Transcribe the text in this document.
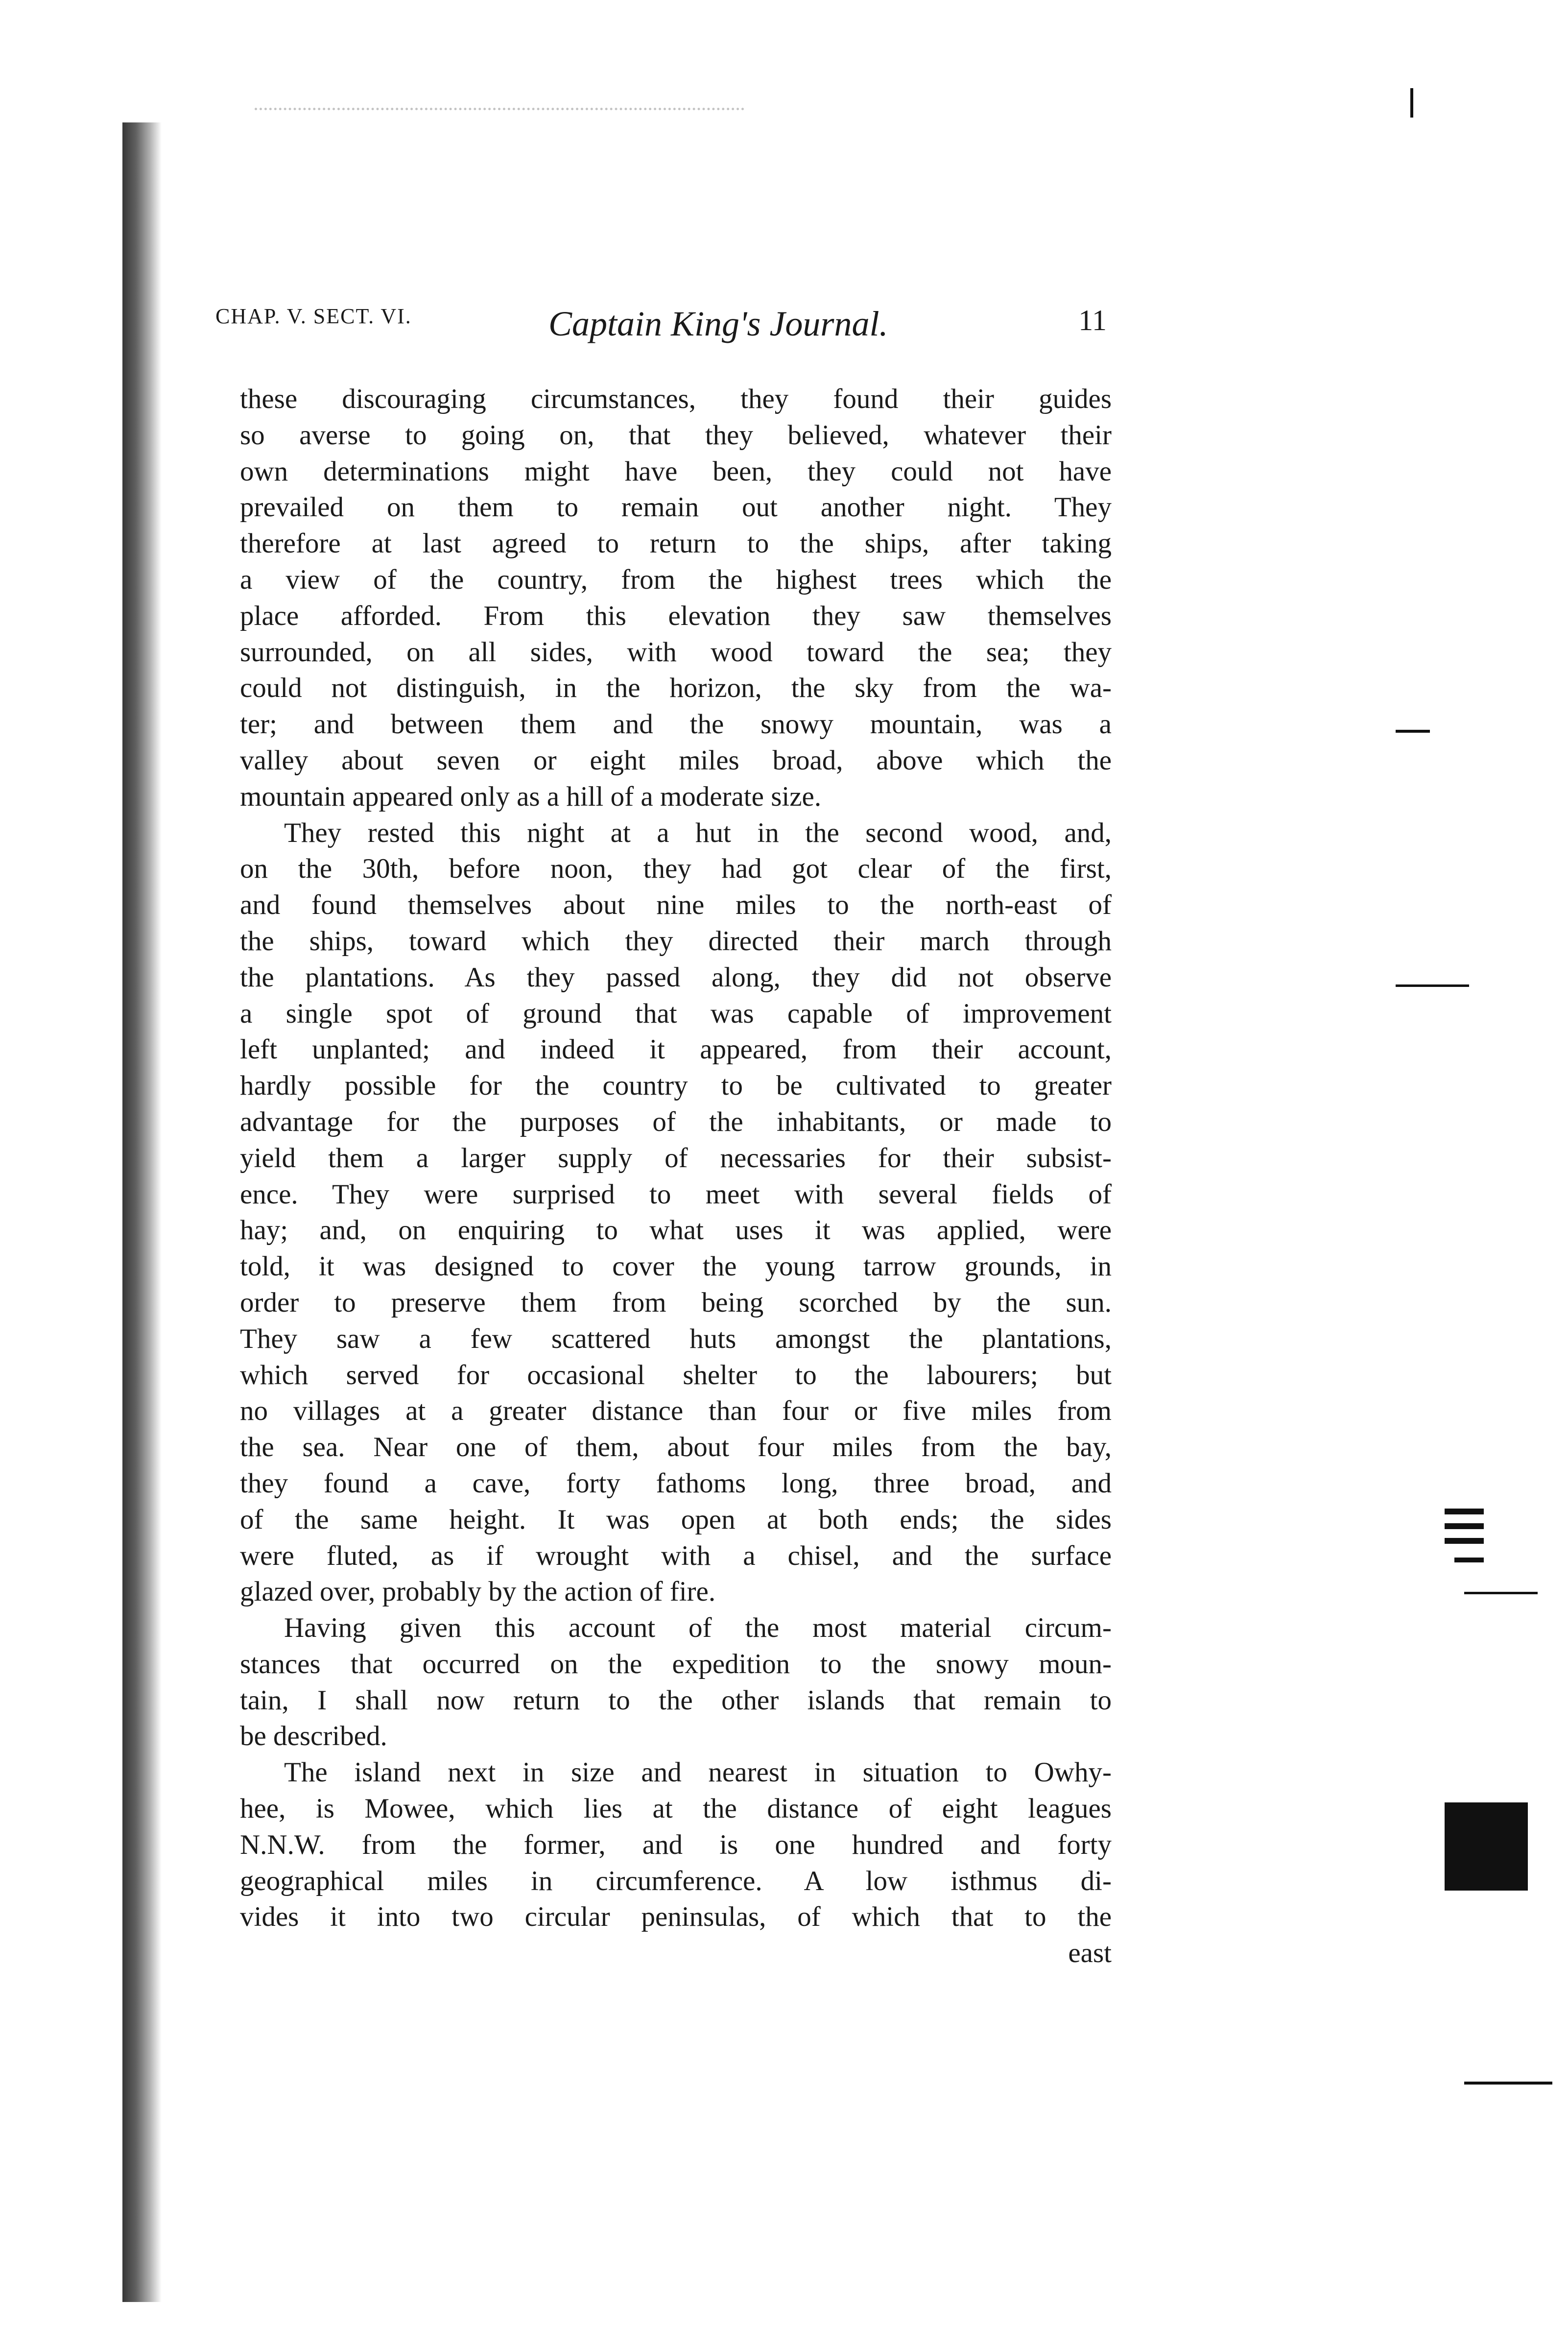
CHAP. V. SECT. VI.	Captain King's Journal.	11
these discouraging circumstances, they found their guides
so averse to going on, that they believed, whatever their
own determinations might have been, they could not have
prevailed on them to remain out another night. They
therefore at last agreed to return to the ships, after taking
a view of the country, from the highest trees which the
place afforded. From this elevation they saw themselves
surrounded, on all sides, with wood toward the sea; they
could not distinguish, in the horizon, the sky from the wa-
ter; and between them and the snowy mountain, was a
valley about seven or eight miles broad, above which the
mountain appeared only as a hill of a moderate size.
They rested this night at a hut in the second wood, and,
on the 30th, before noon, they had got clear of the first,
and found themselves about nine miles to the north-east of
the ships, toward which they directed their march through
the plantations. As they passed along, they did not observe
a single spot of ground that was capable of improvement
left unplanted; and indeed it appeared, from their account,
hardly possible for the country to be cultivated to greater
advantage for the purposes of the inhabitants, or made to
yield them a larger supply of necessaries for their subsist-
ence. They were surprised to meet with several fields of
hay; and, on enquiring to what uses it was applied, were
told, it was designed to cover the young tarrow grounds, in
order to preserve them from being scorched by the sun.
They saw a few scattered huts amongst the plantations,
which served for occasional shelter to the labourers; but
no villages at a greater distance than four or five miles from
the sea. Near one of them, about four miles from the bay,
they found a cave, forty fathoms long, three broad, and
of the same height. It was open at both ends; the sides
were fluted, as if wrought with a chisel, and the surface
glazed over, probably by the action of fire.
Having given this account of the most material circum-
stances that occurred on the expedition to the snowy moun-
tain, I shall now return to the other islands that remain to
be described.
The island next in size and nearest in situation to Owhy-
hee, is Mowee, which lies at the distance of eight leagues
N.N.W. from the former, and is one hundred and forty
geographical miles in circumference. A low isthmus di-
vides it into two circular peninsulas, of which that to the
east
